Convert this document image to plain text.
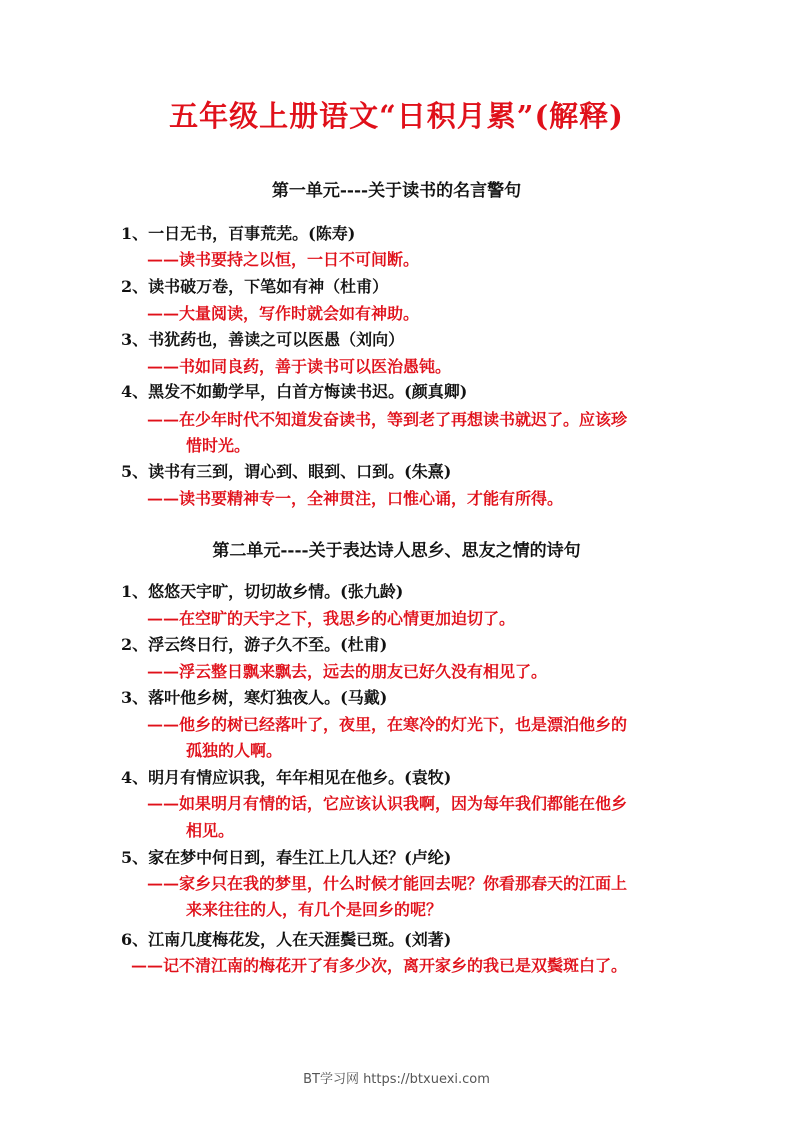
五年级上册语文“日积月累”(解释)
第一单元----关于读书的名言警句
1、一日无书，百事荒芜。(陈寿)
——读书要持之以恒，一日不可间断。
2、读书破万卷，下笔如有神（杜甫）
——大量阅读，写作时就会如有神助。
3、书犹药也，善读之可以医愚（刘向）
——书如同良药，善于读书可以医治愚钝。
4、黑发不如勤学早，白首方悔读书迟。(颜真卿)
——在少年时代不知道发奋读书，等到老了再想读书就迟了。应该珍
惜时光。
5、读书有三到，谓心到、眼到、口到。(朱熹)
——读书要精神专一，全神贯注，口惟心诵，才能有所得。
第二单元----关于表达诗人思乡、思友之情的诗句
1、悠悠天宇旷，切切故乡情。(张九龄)
——在空旷的天宇之下，我思乡的心情更加迫切了。
2、浮云终日行，游子久不至。(杜甫)
——浮云整日飘来飘去，远去的朋友已好久没有相见了。
3、落叶他乡树，寒灯独夜人。(马戴)
——他乡的树已经落叶了，夜里，在寒冷的灯光下，也是漂泊他乡的
孤独的人啊。
4、明月有情应识我，年年相见在他乡。(袁牧)
——如果明月有情的话，它应该认识我啊，因为每年我们都能在他乡
相见。
5、家在梦中何日到，春生江上几人还？(卢纶)
——家乡只在我的梦里，什么时候才能回去呢？你看那春天的江面上
来来往往的人，有几个是回乡的呢？
6、江南几度梅花发，人在天涯鬓已斑。(刘著)
——记不清江南的梅花开了有多少次，离开家乡的我已是双鬓斑白了。
BT学习网 https://btxuexi.com
